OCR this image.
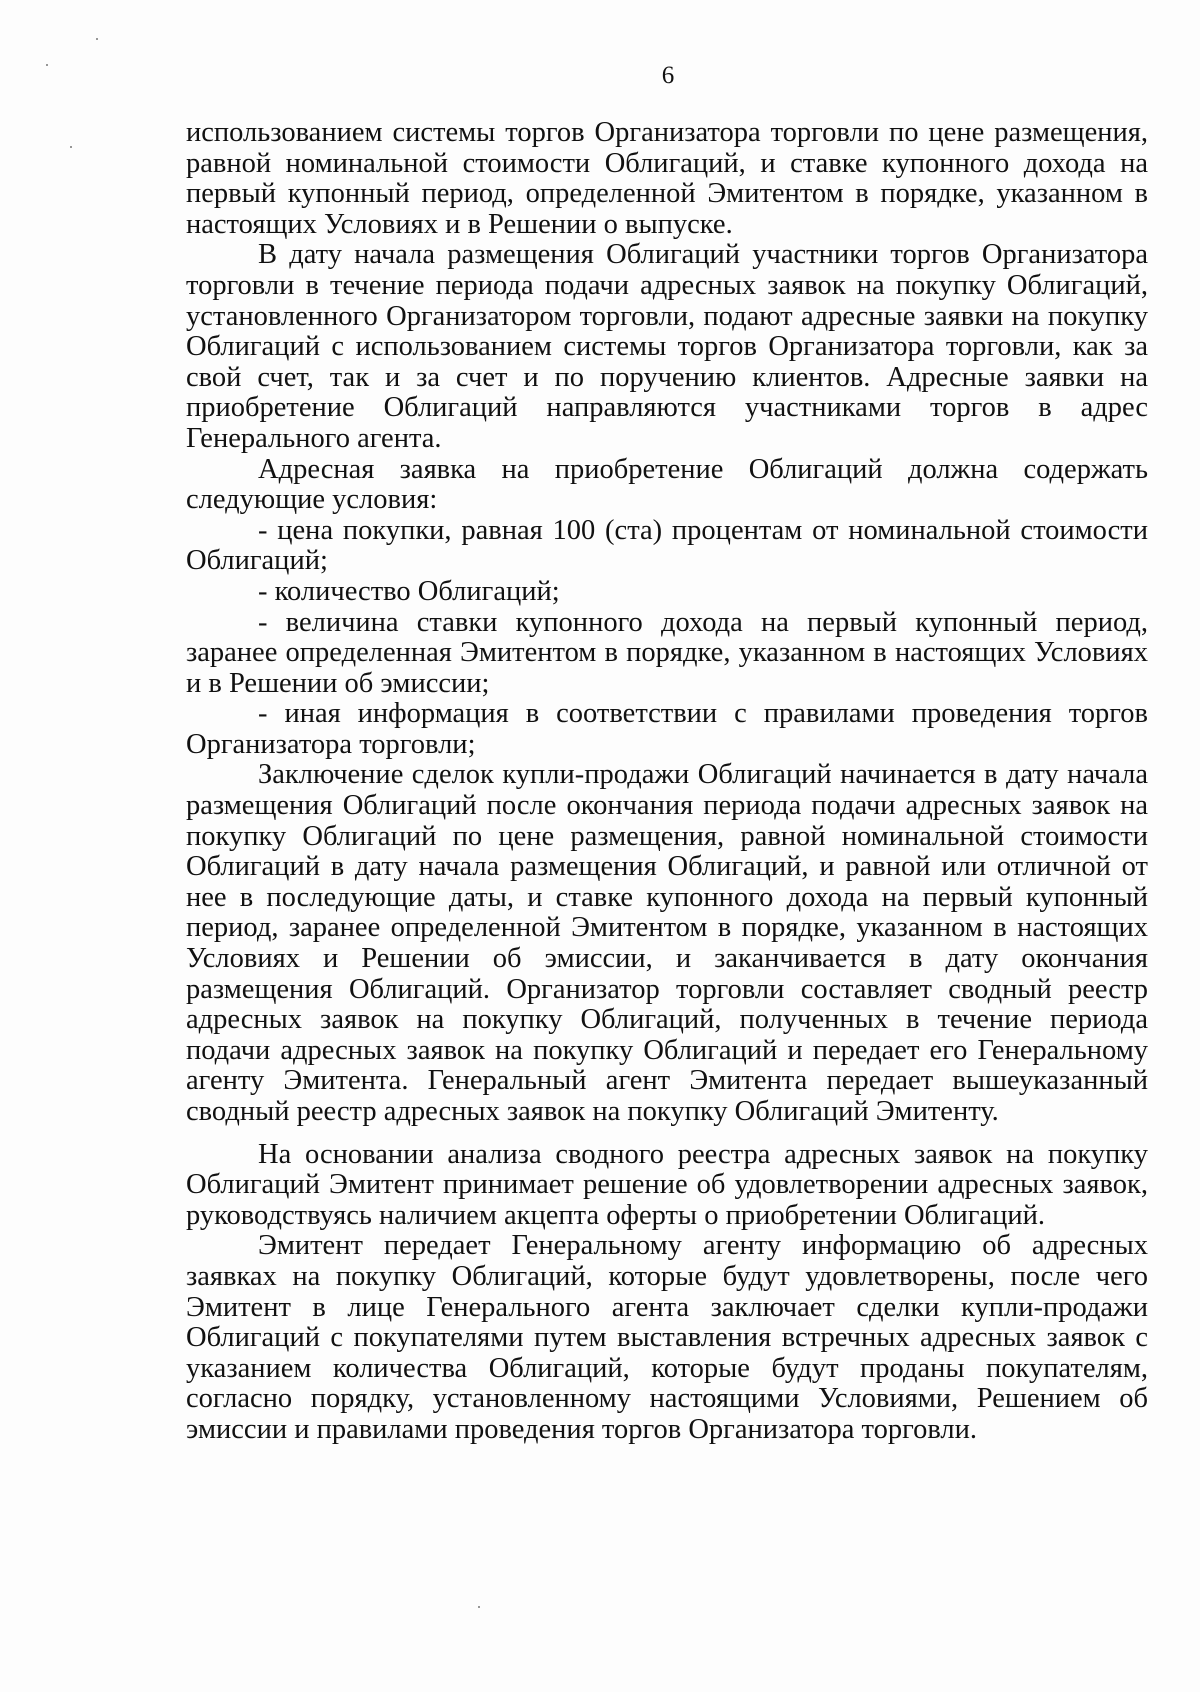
6

использованием системы торгов Организатора торговли по цене размещения, равной номинальной стоимости Облигаций, и ставке купонного дохода на первый купонный период, определенной Эмитентом в порядке, указанном в настоящих Условиях и в Решении о выпуске.

В дату начала размещения Облигаций участники торгов Организатора торговли в течение периода подачи адресных заявок на покупку Облигаций, установленного Организатором торговли, подают адресные заявки на покупку Облигаций с использованием системы торгов Организатора торговли, как за свой счет, так и за счет и по поручению клиентов. Адресные заявки на приобретение Облигаций направляются участниками торгов в адрес Генерального агента.

Адресная заявка на приобретение Облигаций должна содержать следующие условия:

- цена покупки, равная 100 (ста) процентам от номинальной стоимости Облигаций;

- количество Облигаций;

- величина ставки купонного дохода на первый купонный период, заранее определенная Эмитентом в порядке, указанном в настоящих Условиях и в Решении об эмиссии;

- иная информация в соответствии с правилами проведения торгов Организатора торговли;

Заключение сделок купли-продажи Облигаций начинается в дату начала размещения Облигаций после окончания периода подачи адресных заявок на покупку Облигаций по цене размещения, равной номинальной стоимости Облигаций в дату начала размещения Облигаций, и равной или отличной от нее в последующие даты, и ставке купонного дохода на первый купонный период, заранее определенной Эмитентом в порядке, указанном в настоящих Условиях и Решении об эмиссии, и заканчивается в дату окончания размещения Облигаций. Организатор торговли составляет сводный реестр адресных заявок на покупку Облигаций, полученных в течение периода подачи адресных заявок на покупку Облигаций и передает его Генеральному агенту Эмитента. Генеральный агент Эмитента передает вышеуказанный сводный реестр адресных заявок на покупку Облигаций Эмитенту.

На основании анализа сводного реестра адресных заявок на покупку Облигаций Эмитент принимает решение об удовлетворении адресных заявок, руководствуясь наличием акцепта оферты о приобретении Облигаций.

Эмитент передает Генеральному агенту информацию об адресных заявках на покупку Облигаций, которые будут удовлетворены, после чего Эмитент в лице Генерального агента заключает сделки купли-продажи Облигаций с покупателями путем выставления встречных адресных заявок с указанием количества Облигаций, которые будут проданы покупателям, согласно порядку, установленному настоящими Условиями, Решением об эмиссии и правилами проведения торгов Организатора торговли.
